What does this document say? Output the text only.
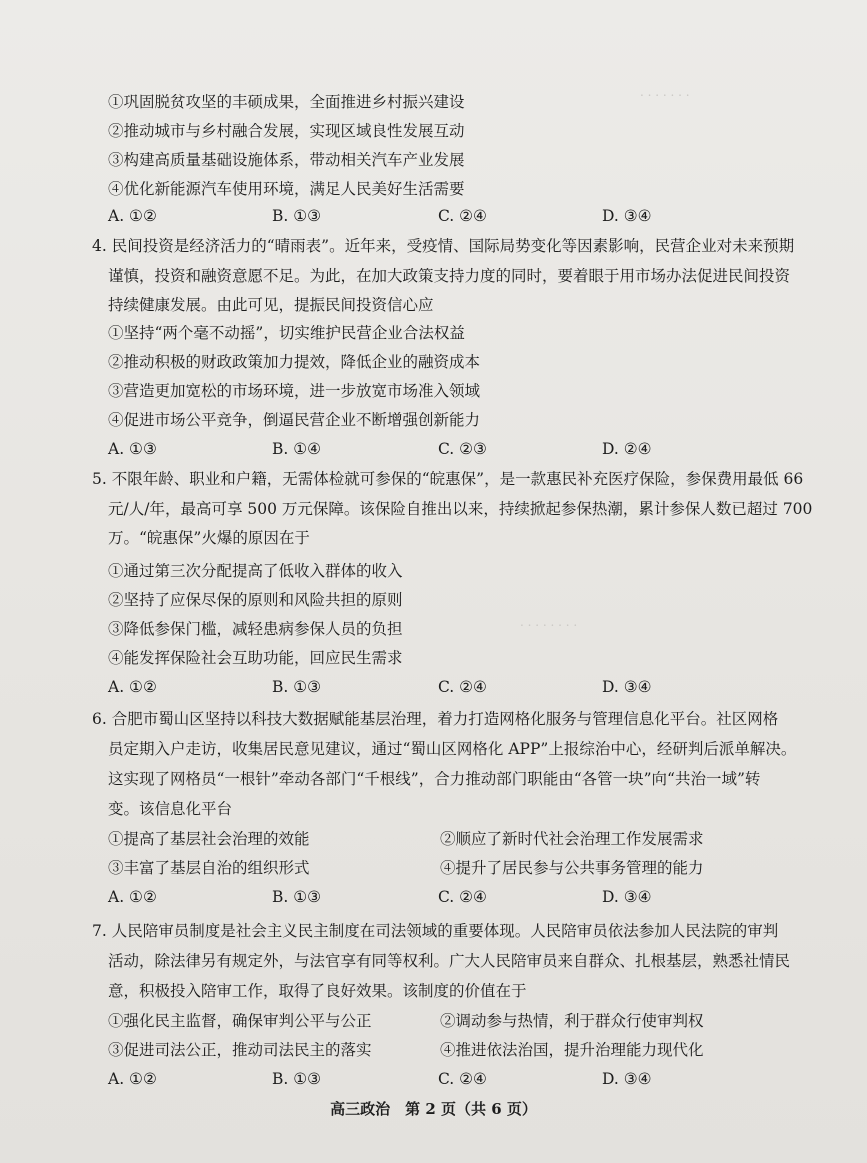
. . . . . . .
. . . . . . . .
①巩固脱贫攻坚的丰硕成果，全面推进乡村振兴建设
②推动城市与乡村融合发展，实现区域良性发展互动
③构建高质量基础设施体系，带动相关汽车产业发展
④优化新能源汽车使用环境，满足人民美好生活需要
A. ①②	B. ①③	C. ②④	D. ③④
4. 民间投资是经济活力的“晴雨表”。近年来，受疫情、国际局势变化等因素影响，民营企业对未来预期
谨慎，投资和融资意愿不足。为此，在加大政策支持力度的同时，要着眼于用市场办法促进民间投资
持续健康发展。由此可见，提振民间投资信心应
①坚持“两个毫不动摇”，切实维护民营企业合法权益
②推动积极的财政政策加力提效，降低企业的融资成本
③营造更加宽松的市场环境，进一步放宽市场准入领域
④促进市场公平竞争，倒逼民营企业不断增强创新能力
A. ①③	B. ①④	C. ②③	D. ②④
5. 不限年龄、职业和户籍，无需体检就可参保的“皖惠保”，是一款惠民补充医疗保险，参保费用最低 66
元/人/年，最高可享 500 万元保障。该保险自推出以来，持续掀起参保热潮，累计参保人数已超过 700
万。“皖惠保”火爆的原因在于
①通过第三次分配提高了低收入群体的收入
②坚持了应保尽保的原则和风险共担的原则
③降低参保门槛，减轻患病参保人员的负担
④能发挥保险社会互助功能，回应民生需求
A. ①②	B. ①③	C. ②④	D. ③④
6. 合肥市蜀山区坚持以科技大数据赋能基层治理，着力打造网格化服务与管理信息化平台。社区网格
员定期入户走访，收集居民意见建议，通过“蜀山区网格化 APP”上报综治中心，经研判后派单解决。
这实现了网格员“一根针”牵动各部门“千根线”，合力推动部门职能由“各管一块”向“共治一域”转
变。该信息化平台
①提高了基层社会治理的效能	②顺应了新时代社会治理工作发展需求
③丰富了基层自治的组织形式	④提升了居民参与公共事务管理的能力
A. ①②	B. ①③	C. ②④	D. ③④
7. 人民陪审员制度是社会主义民主制度在司法领域的重要体现。人民陪审员依法参加人民法院的审判
活动，除法律另有规定外，与法官享有同等权利。广大人民陪审员来自群众、扎根基层，熟悉社情民
意，积极投入陪审工作，取得了良好效果。该制度的价值在于
①强化民主监督，确保审判公平与公正	②调动参与热情，利于群众行使审判权
③促进司法公正，推动司法民主的落实	④推进依法治国，提升治理能力现代化
A. ①②	B. ①③	C. ②④	D. ③④
高三政治　第 2 页（共 6 页）
